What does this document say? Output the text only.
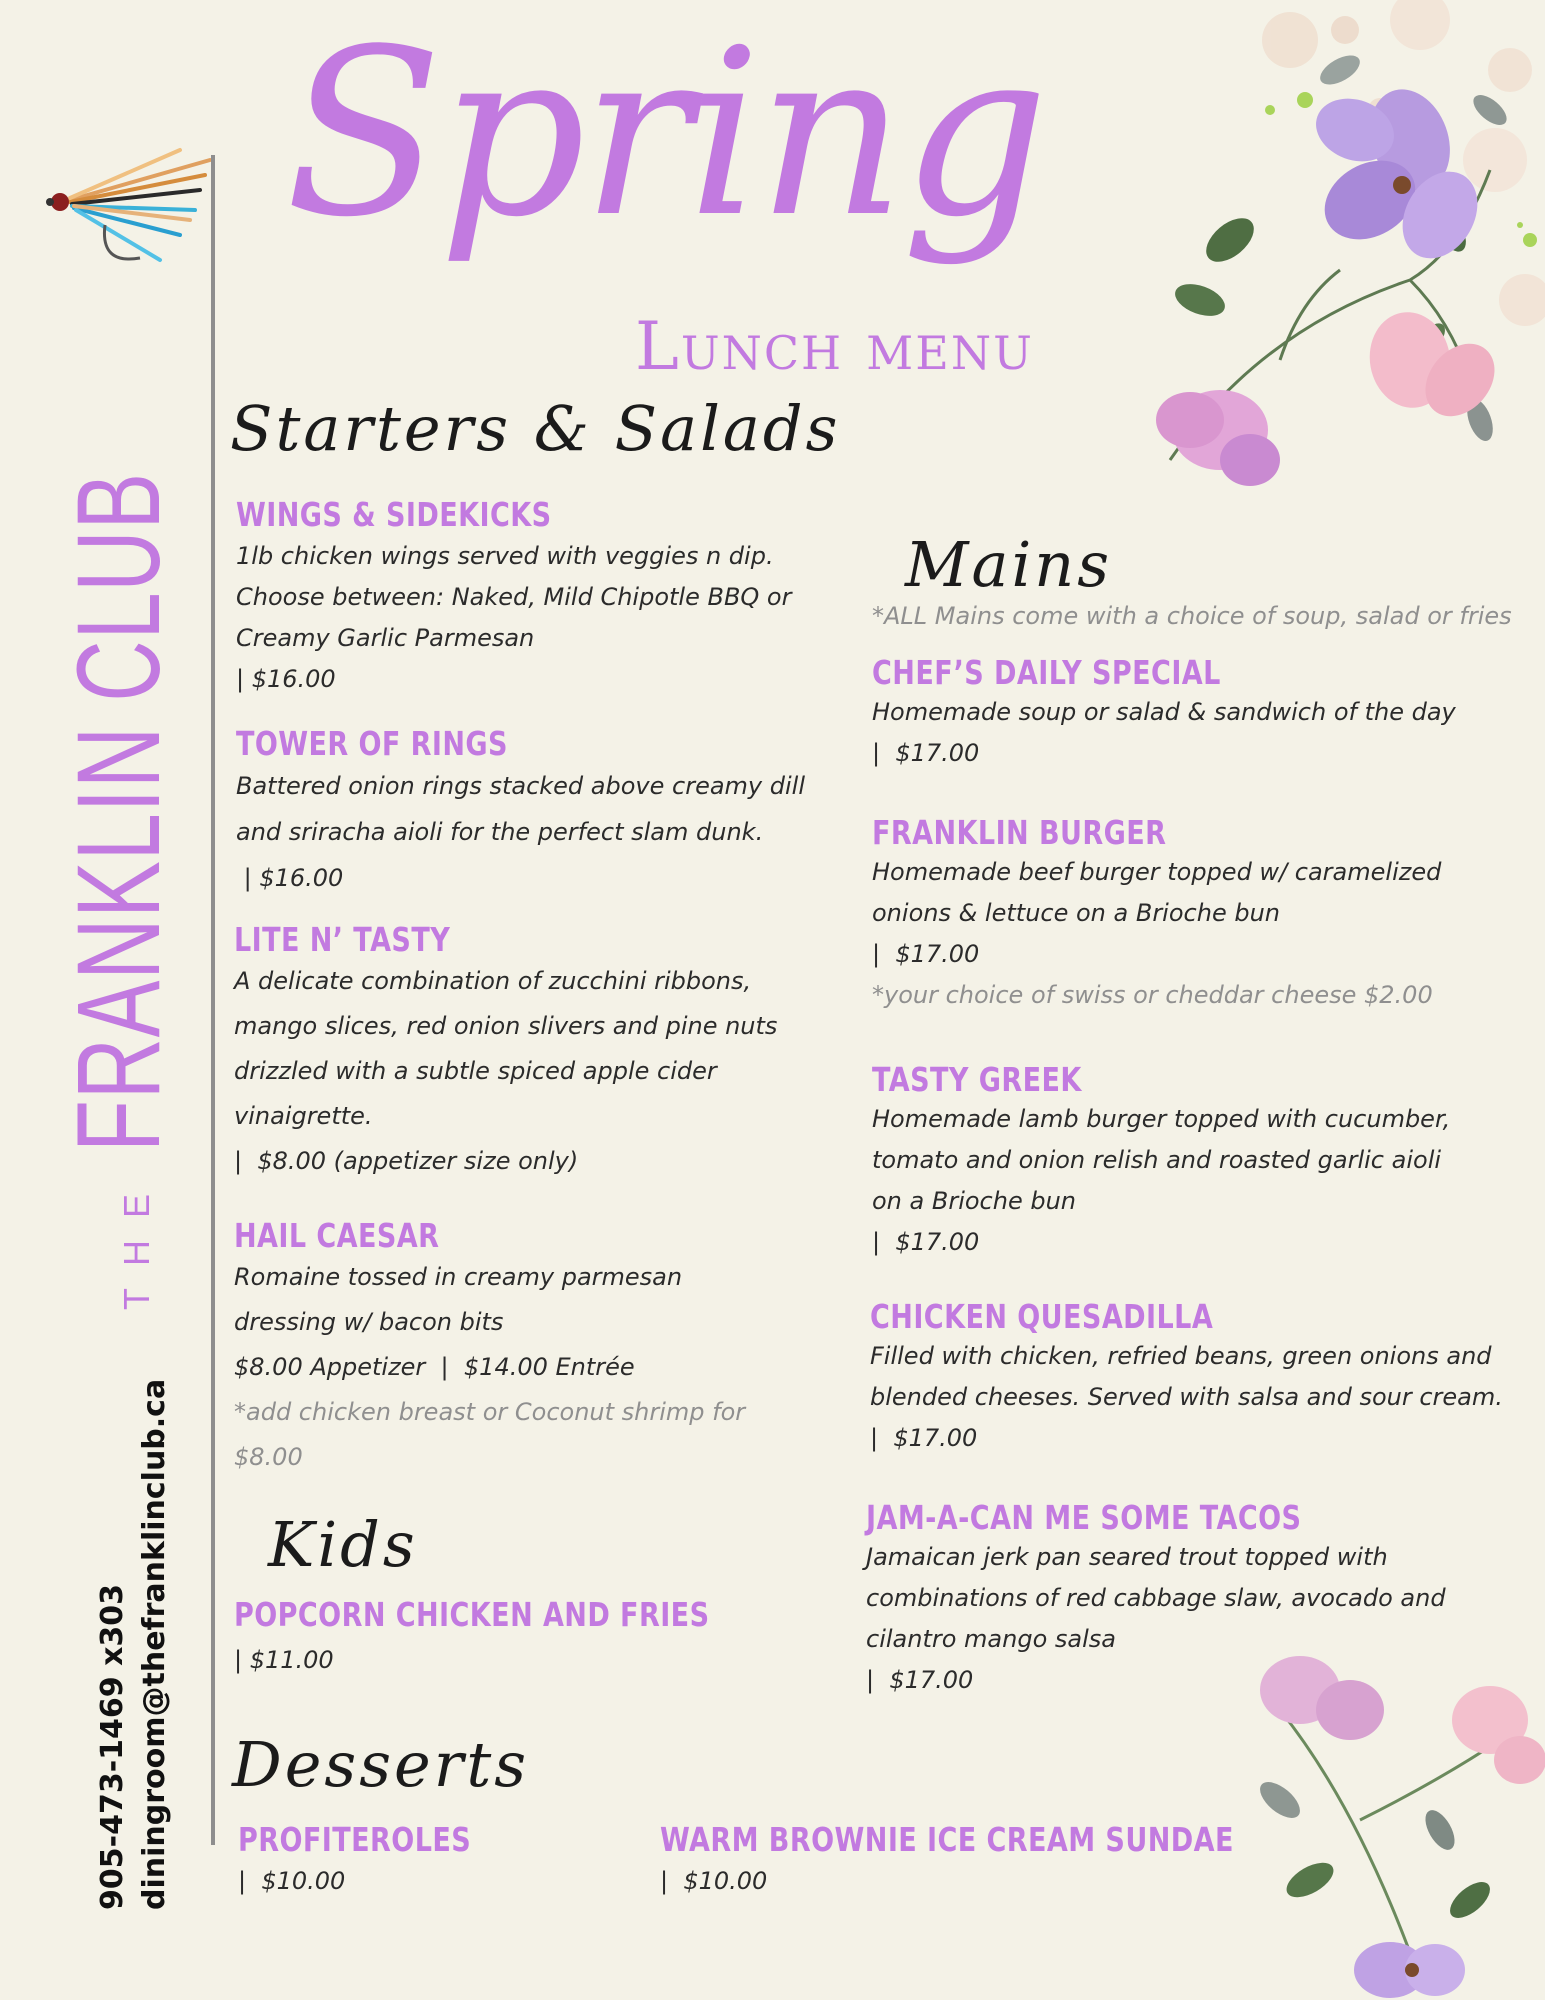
THE
FRANKLIN CLUB
905-473-1469 x303 diningroom@thefranklinclub.ca
Spring
Lunch menu
Starters & Salads
WINGS & SIDEKICKS
1lb chicken wings served with veggies n dip. Choose between: Naked, Mild Chipotle BBQ or Creamy Garlic Parmesan
| $16.00
TOWER OF RINGS
Battered onion rings stacked above creamy dill and sriracha aioli for the perfect slam dunk.
| $16.00
LITE N’ TASTY
A delicate combination of zucchini ribbons, mango slices, red onion slivers and pine nuts drizzled with a subtle spiced apple cider vinaigrette.
|  $8.00 (appetizer size only)
HAIL CAESAR
Romaine tossed in creamy parmesan dressing w/ bacon bits
$8.00 Appetizer  |  $14.00 Entrée
*add chicken breast or Coconut shrimp for $8.00
Kids
POPCORN CHICKEN AND FRIES
| $11.00
Desserts
PROFITEROLES
|  $10.00
WARM BROWNIE ICE CREAM SUNDAE
|  $10.00
Mains
*ALL Mains come with a choice of soup, salad or fries
CHEF’S DAILY SPECIAL
Homemade soup or salad & sandwich of the day
|  $17.00
FRANKLIN BURGER
Homemade beef burger topped w/ caramelized onions & lettuce on a Brioche bun
|  $17.00
*your choice of swiss or cheddar cheese $2.00
TASTY GREEK
Homemade lamb burger topped with cucumber, tomato and onion relish and roasted garlic aioli on a Brioche bun
|  $17.00
CHICKEN QUESADILLA
Filled with chicken, refried beans, green onions and blended cheeses. Served with salsa and sour cream.
|  $17.00
JAM-A-CAN ME SOME TACOS
Jamaican jerk pan seared trout topped with combinations of red cabbage slaw, avocado and cilantro mango salsa
|  $17.00
